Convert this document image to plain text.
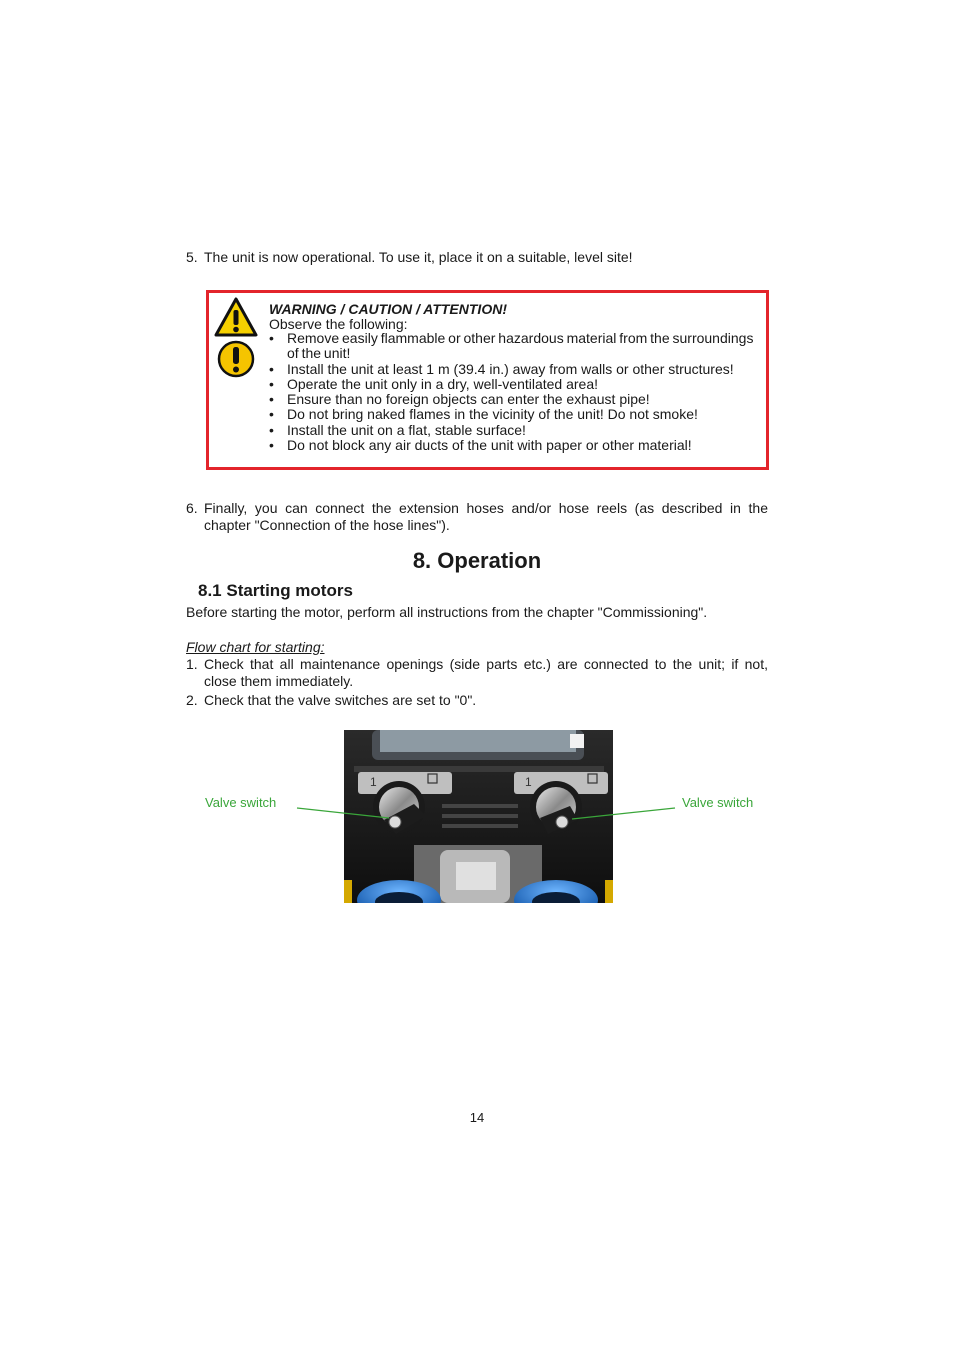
5. The unit is now operational. To use it, place it on a suitable, level site!
WARNING / CAUTION / ATTENTION!
Observe the following:
• Remove easily flammable or other hazardous material from the surroundings of the unit!
• Install the unit at least 1 m (39.4 in.) away from walls or other structures!
• Operate the unit only in a dry, well-ventilated area!
• Ensure than no foreign objects can enter the exhaust pipe!
• Do not bring naked flames in the vicinity of the unit! Do not smoke!
• Install the unit on a flat, stable surface!
• Do not block any air ducts of the unit with paper or other material!
6. Finally, you can connect the extension hoses and/or hose reels (as described in the chapter "Connection of the hose lines").
8. Operation
8.1 Starting motors
Before starting the motor, perform all instructions from the chapter "Commissioning".
Flow chart for starting:
1. Check that all maintenance openings (side parts etc.) are connected to the unit; if not, close them immediately.
2. Check that the valve switches are set to "0".
1	1
Valve switch	Valve switch
14
